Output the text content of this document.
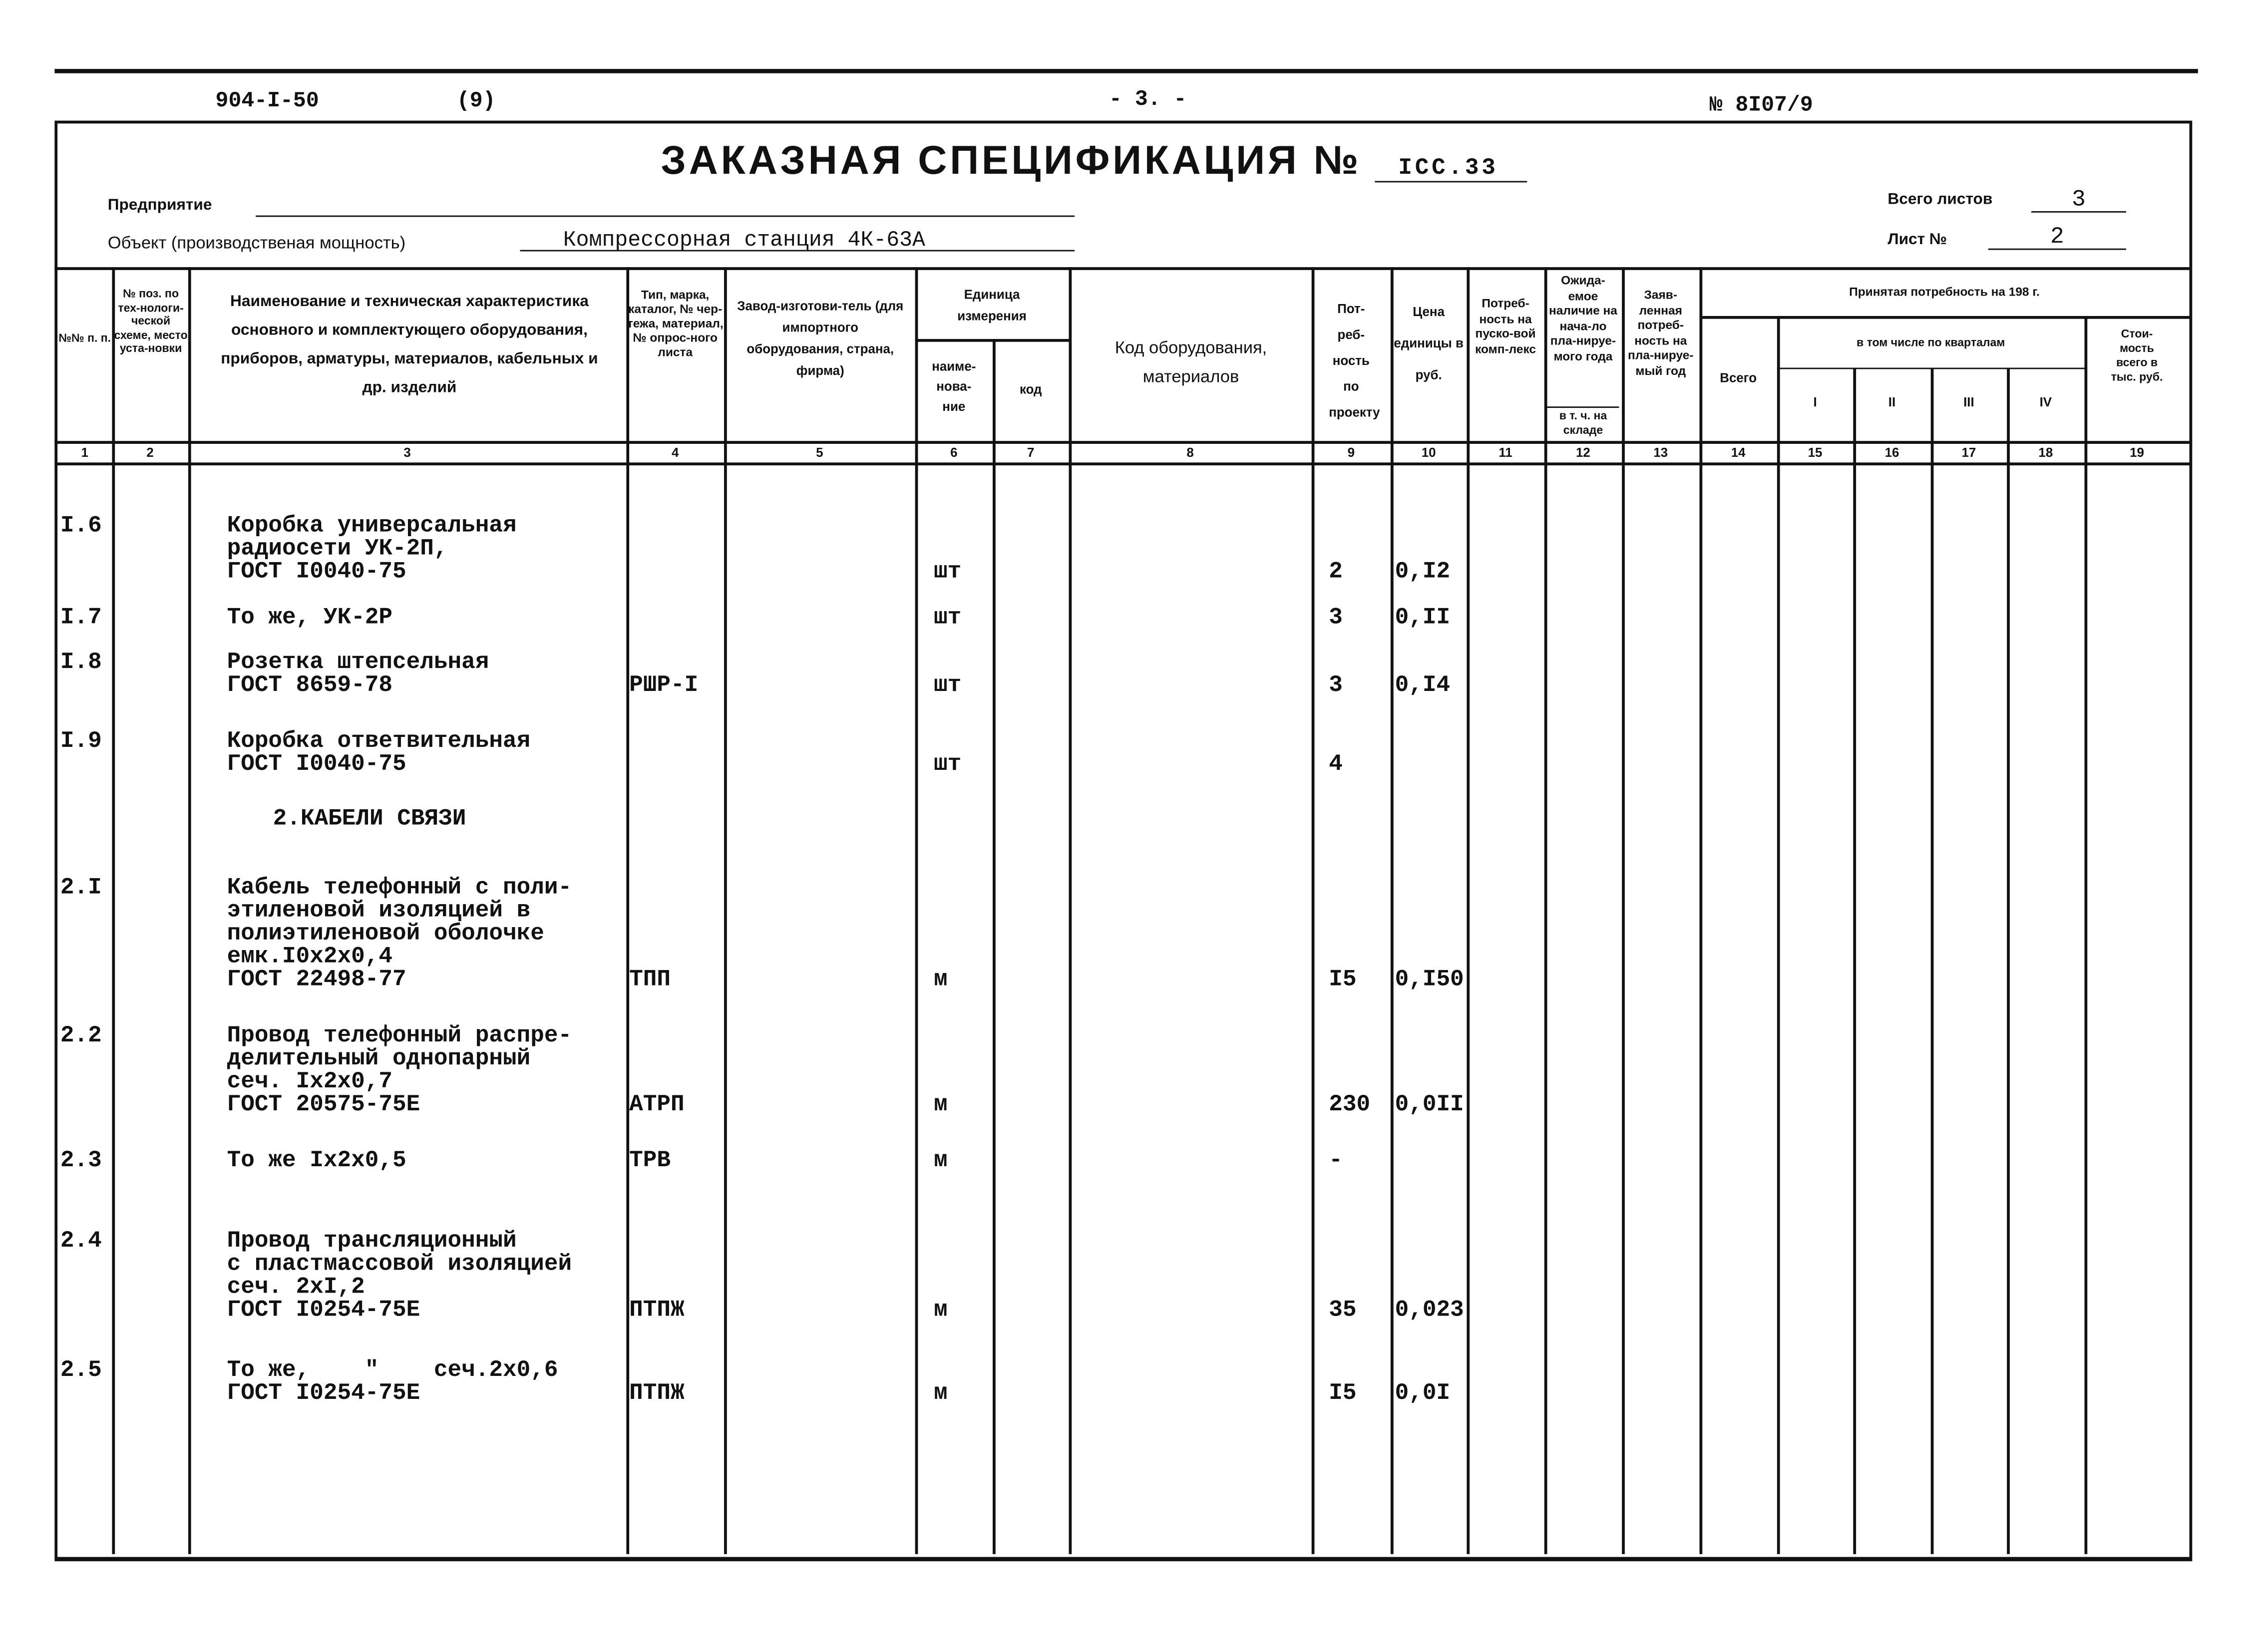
904-I-50	(9)	- 3. -	№ 8I07/9
ЗАКАЗНАЯ СПЕЦИФИКАЦИЯ №	ICC.33
Предприятие
Объект (производственая мощность)	Компрессорная станция 4К-63А
Всего листов	3
Лист №	2
№№ п. п.
№ поз. по тех-нологи-ческой схеме, место уста-новки
Наименование и техническая характеристика основного и комплектующего оборудования, приборов, арматуры, материалов, кабельных и др. изделий
Тип, марка, каталог, № чер-тежа, материал, № опрос-ного листа
Завод-изготови-тель (для импортного оборудования, страна, фирма)
Единица измерения
наиме-нова-ние
код
Код оборудования, материалов
Пот-реб-ность по проекту
Цена единицы в руб.
Потреб-ность на пуско-вой комп-лекс
Ожида-емое наличие на нача-ло пла-нируе-мого года
в т. ч. на складе
Заяв-ленная потреб-ность на пла-нируе-мый год
Принятая потребность на 198 г.
Всего
в том числе по кварталам
I	II	III	IV
Стои-мость всего в тыс. руб.
1	2	3	4	5	6	7	8	9	10	11	12	13	14	15	16	17	18	19
I.6	Коробка универсальная
радиосети УК-2П,
ГОСТ I0040-75	шт	2	0,I2
I.7	То же, УК-2Р	шт	3	0,II
I.8	Розетка штепсельная
ГОСТ 8659-78	РШР-I	шт	3	0,I4
I.9	Коробка ответвительная
ГОСТ I0040-75	шт	4
2.КАБЕЛИ СВЯЗИ
2.I	Кабель телефонный с поли-
этиленовой изоляцией в
полиэтиленовой оболочке
емк.I0х2х0,4
ГОСТ 22498-77	ТПП	м	I5	0,I50
2.2	Провод телефонный распре-
делительный однопарный
сеч. Iх2х0,7
ГОСТ 20575-75Е	АТРП	м	230	0,0II
2.3	То же Iх2х0,5	ТРВ	м	-
2.4	Провод трансляционный
с пластмассовой изоляцией
сеч. 2хI,2
ГОСТ I0254-75Е	ПТПЖ	м	35	0,023
2.5	То же,    "    сеч.2х0,6
ГОСТ I0254-75Е	ПТПЖ	м	I5	0,0I
